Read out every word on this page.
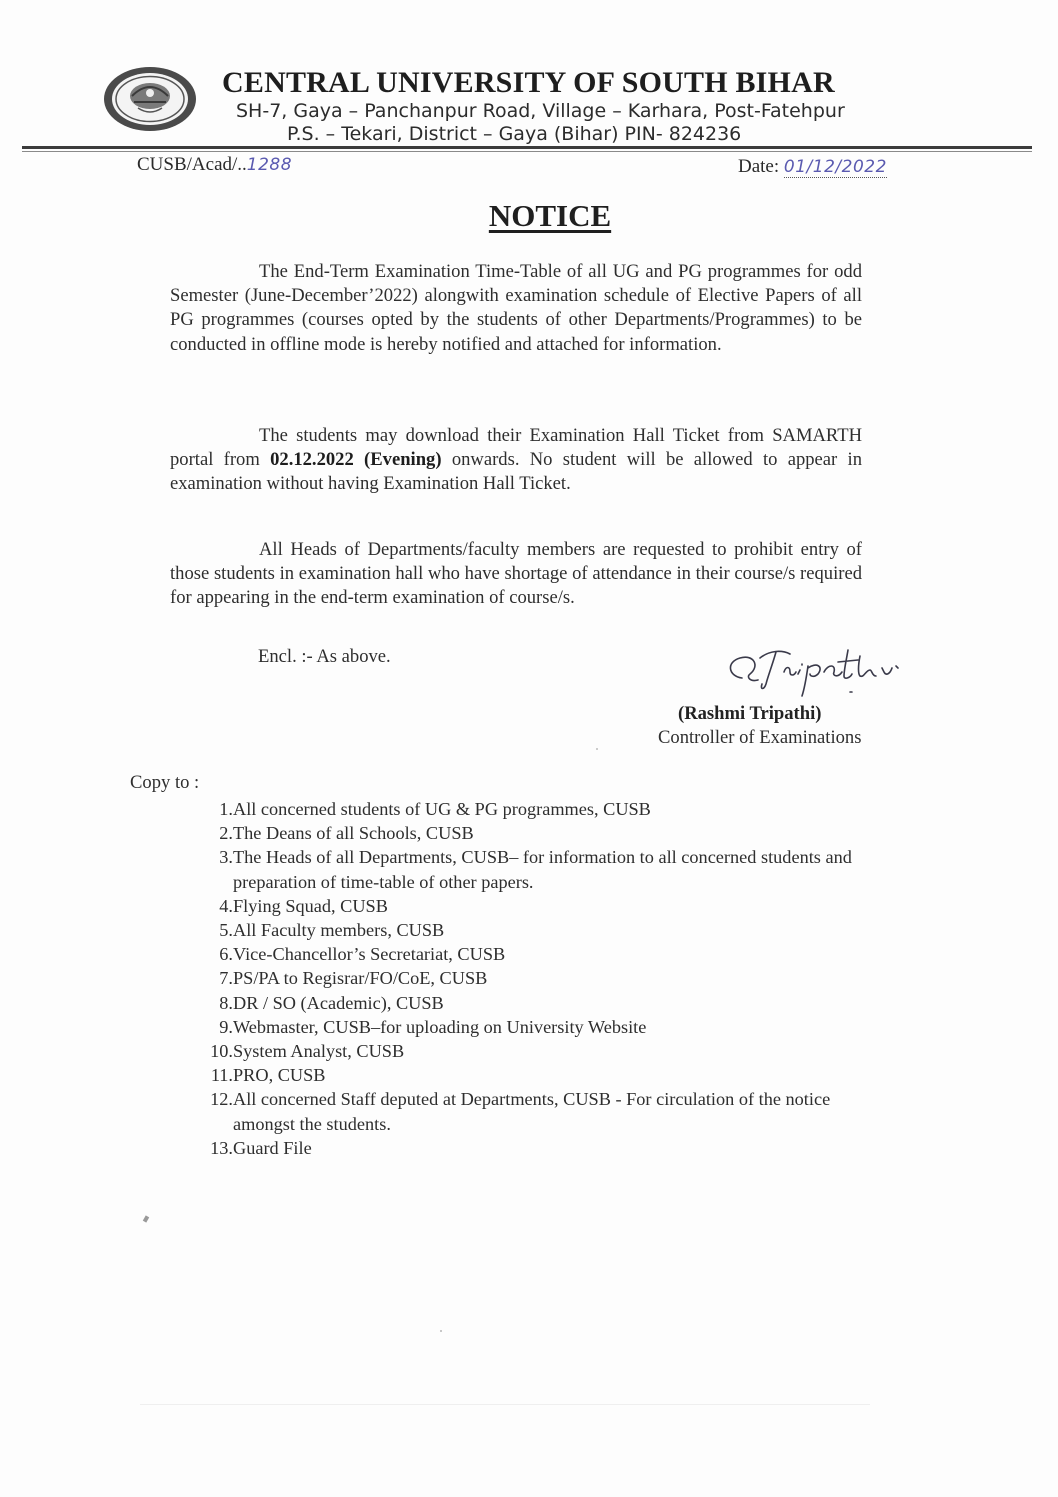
CENTRAL UNIVERSITY OF SOUTH BIHAR
SH-7, Gaya – Panchanpur Road, Village – Karhara, Post-Fatehpur
P.S. – Tekari, District – Gaya (Bihar) PIN- 824236
CUSB/Acad/..1288	Date: 01/12/2022
NOTICE
The End-Term Examination Time-Table of all UG and PG programmes for odd Semester (June-December’2022) alongwith examination schedule of Elective Papers of all PG programmes (courses opted by the students of other Departments/Programmes) to be conducted in offline mode is hereby notified and attached for information.
The students may download their Examination Hall Ticket from SAMARTH portal from 02.12.2022 (Evening) onwards. No student will be allowed to appear in examination without having Examination Hall Ticket.
All Heads of Departments/faculty members are requested to prohibit entry of those students in examination hall who have shortage of attendance in their course/s required for appearing in the end-term examination of course/s.
Encl. :- As above.
(Rashmi Tripathi)
Controller of Examinations
Copy to :
1. All concerned students of UG & PG programmes, CUSB
2. The Deans of all Schools, CUSB
3. The Heads of all Departments, CUSB– for information to all concerned students and preparation of time-table of other papers.
4. Flying Squad, CUSB
5. All Faculty members, CUSB
6. Vice-Chancellor’s Secretariat, CUSB
7. PS/PA to Regisrar/FO/CoE, CUSB
8. DR / SO (Academic), CUSB
9. Webmaster, CUSB–for uploading on University Website
10. System Analyst, CUSB
11. PRO, CUSB
12. All concerned Staff deputed at Departments, CUSB - For circulation of the notice amongst the students.
13. Guard File
